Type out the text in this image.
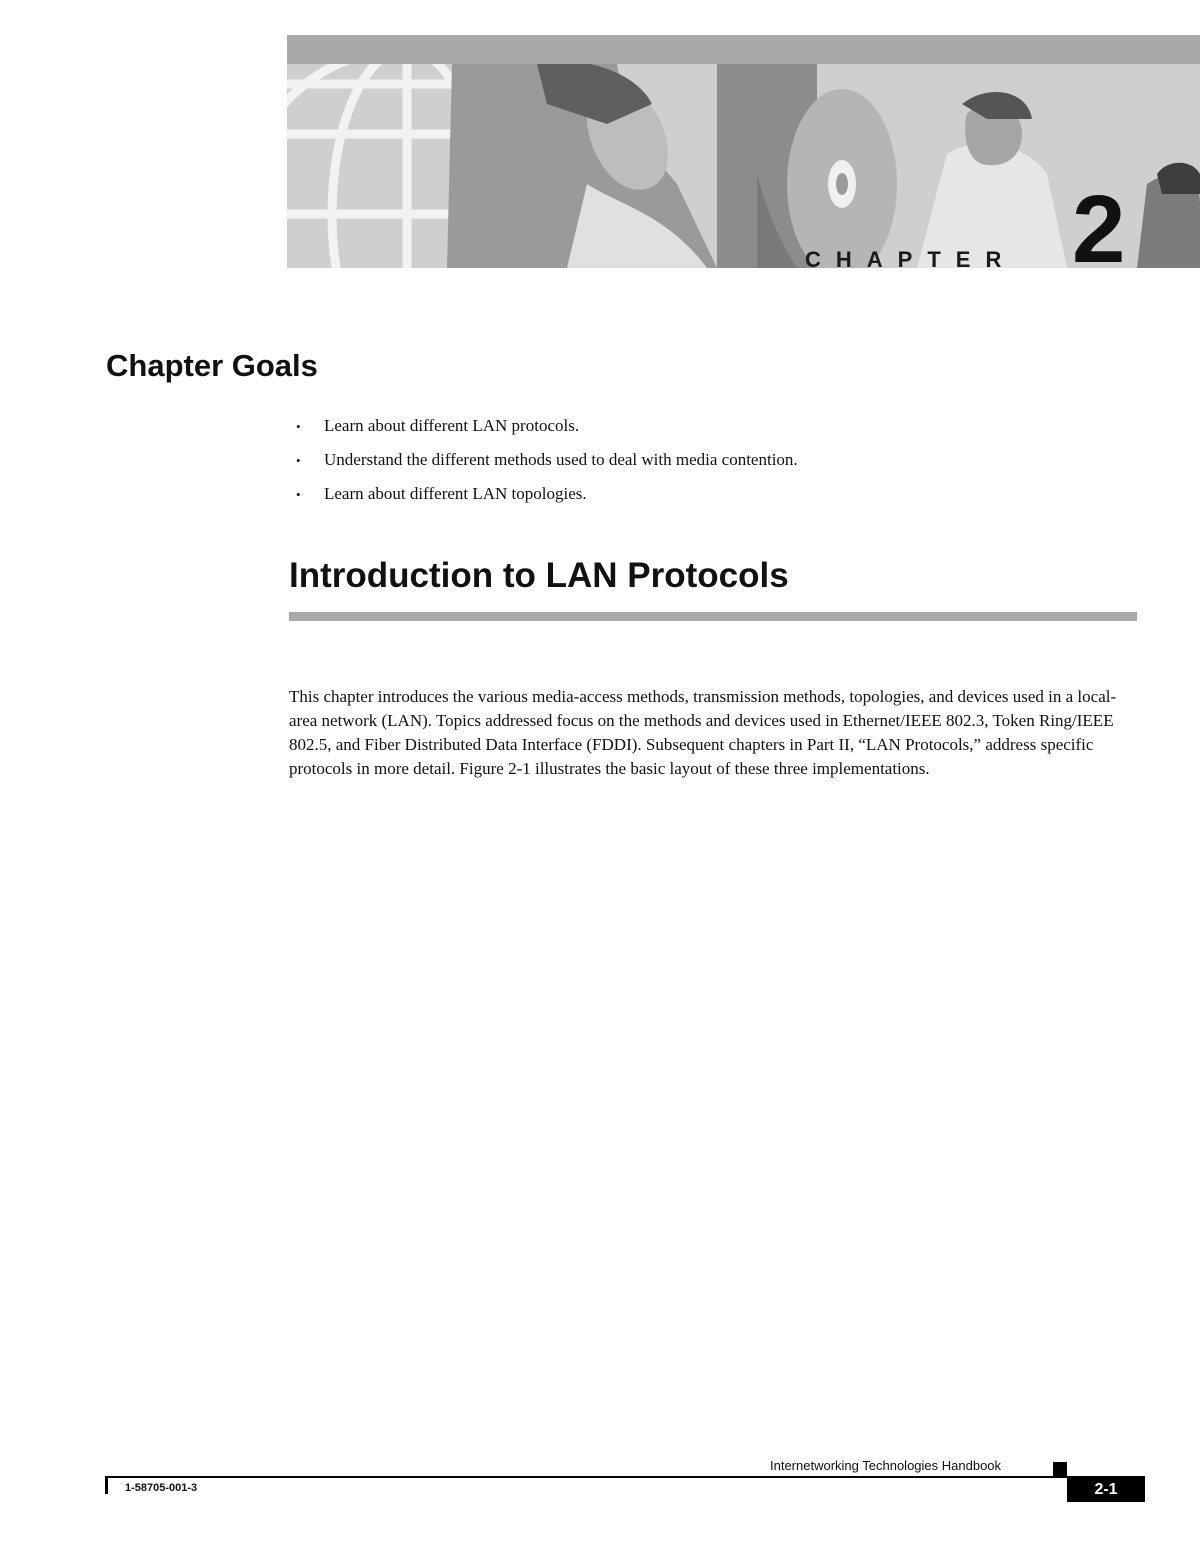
CHAPTER 2
Chapter Goals
• Learn about different LAN protocols.
• Understand the different methods used to deal with media contention.
• Learn about different LAN topologies.
Introduction to LAN Protocols

This chapter introduces the various media-access methods, transmission methods, topologies, and devices used in a local-area network (LAN). Topics addressed focus on the methods and devices used in Ethernet/IEEE 802.3, Token Ring/IEEE 802.5, and Fiber Distributed Data Interface (FDDI). Subsequent chapters in Part II, “LAN Protocols,” address specific protocols in more detail. Figure 2-1 illustrates the basic layout of these three implementations.

Internetworking Technologies Handbook
1-58705-001-3	2-1
